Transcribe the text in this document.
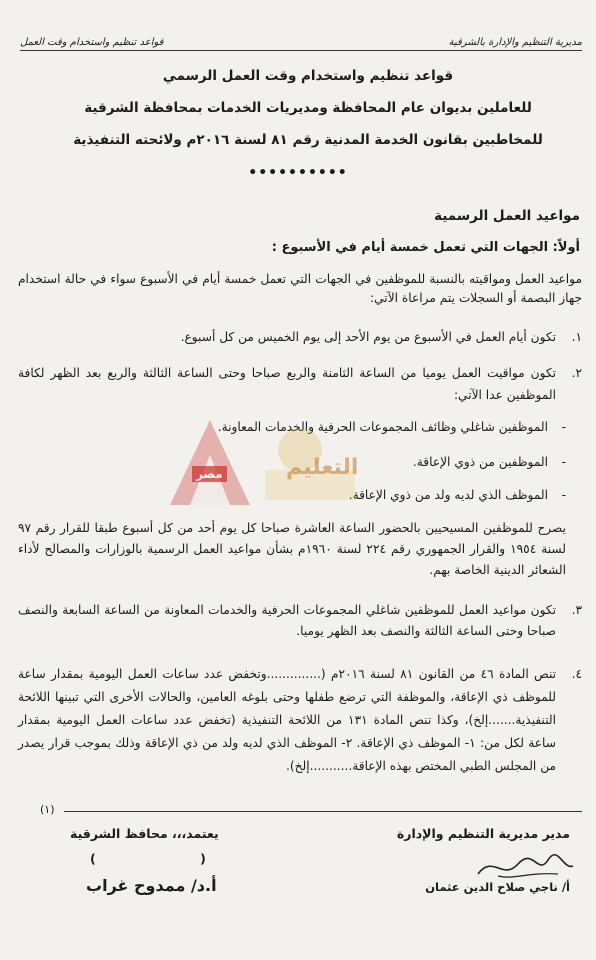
قواعد تنظيم واستخدام وقت العمل	مديرية التنظيم والإدارة بالشرقية
قواعد تنظيم واستخدام وقت العمل الرسمي
للعاملين بديوان عام المحافظة ومديريات الخدمات بمحافظة الشرقية
للمخاطبين بقانون الخدمة المدنية رقم ٨١ لسنة ٢٠١٦م ولائحته التنفيذية
••••••••••
مواعيد العمل الرسمية
أولاً: الجهات التي تعمل خمسة أيام في الأسبوع :
مواعيد العمل ومواقيته بالنسبة للموظفين في الجهات التي تعمل خمسة أيام في الأسبوع سواء في حالة استخدام جهاز البصمة أو السجلات يتم مراعاة الآتي:
١.
تكون أيام العمل في الأسبوع من يوم الأحد إلى يوم الخميس من كل أسبوع.
٢.
تكون مواقيت العمل يوميا من الساعة الثامنة والربع صباحا وحتى الساعة الثالثة والربع بعد الظهر لكافة الموظفين عدا الآتي:
-
الموظفين شاغلي وظائف المجموعات الحرفية والخدمات المعاونة.
-
الموظفين من ذوي الإعاقة.
-
الموظف الذي لديه ولد من ذوي الإعاقة.
يصرح للموظفين المسيحيين بالحضور الساعة العاشرة صباحا كل يوم أحد من كل أسبوع طبقا للقرار رقم ٩٧ لسنة ١٩٥٤ والقرار الجمهوري رقم ٢٢٤ لسنة ١٩٦٠م بشأن مواعيد العمل الرسمية بالوزارات والمصالح لأداء الشعائر الدينية الخاصة بهم.
٣.
تكون مواعيد العمل للموظفين شاغلي المجموعات الحرفية والخدمات المعاونة من الساعة السابعة والنصف صباحا وحتى الساعة الثالثة والنصف بعد الظهر يوميا.
٤.
تنص المادة ٤٦ من القانون ٨١ لسنة ٢٠١٦م (..............وتخفض عدد ساعات العمل اليومية بمقدار ساعة للموظف ذي الإعاقة، والموظفة التي ترضع طفلها وحتى بلوغه العامين، والحالات الأخرى التي تبينها اللائحة التنفيذية.......إلخ)، وكذا تنص المادة ١٣١ من اللائحة التنفيذية (تخفض عدد ساعات العمل اليومية بمقدار ساعة لكل من: ١- الموظف ذي الإعاقة. ٢- الموظف الذي لديه ولد من ذي الإعاقة وذلك بموجب قرار يصدر من المجلس الطبي المختص بهذه الإعاقة...........إلخ).
(١)
مدير مديرية التنظيم والإدارة
أ/ ناجي صلاح الدين عثمان
يعتمد،،، محافظ الشرقية
(                        )
أ.د/ ممدوح غراب
التعليم
مصر
